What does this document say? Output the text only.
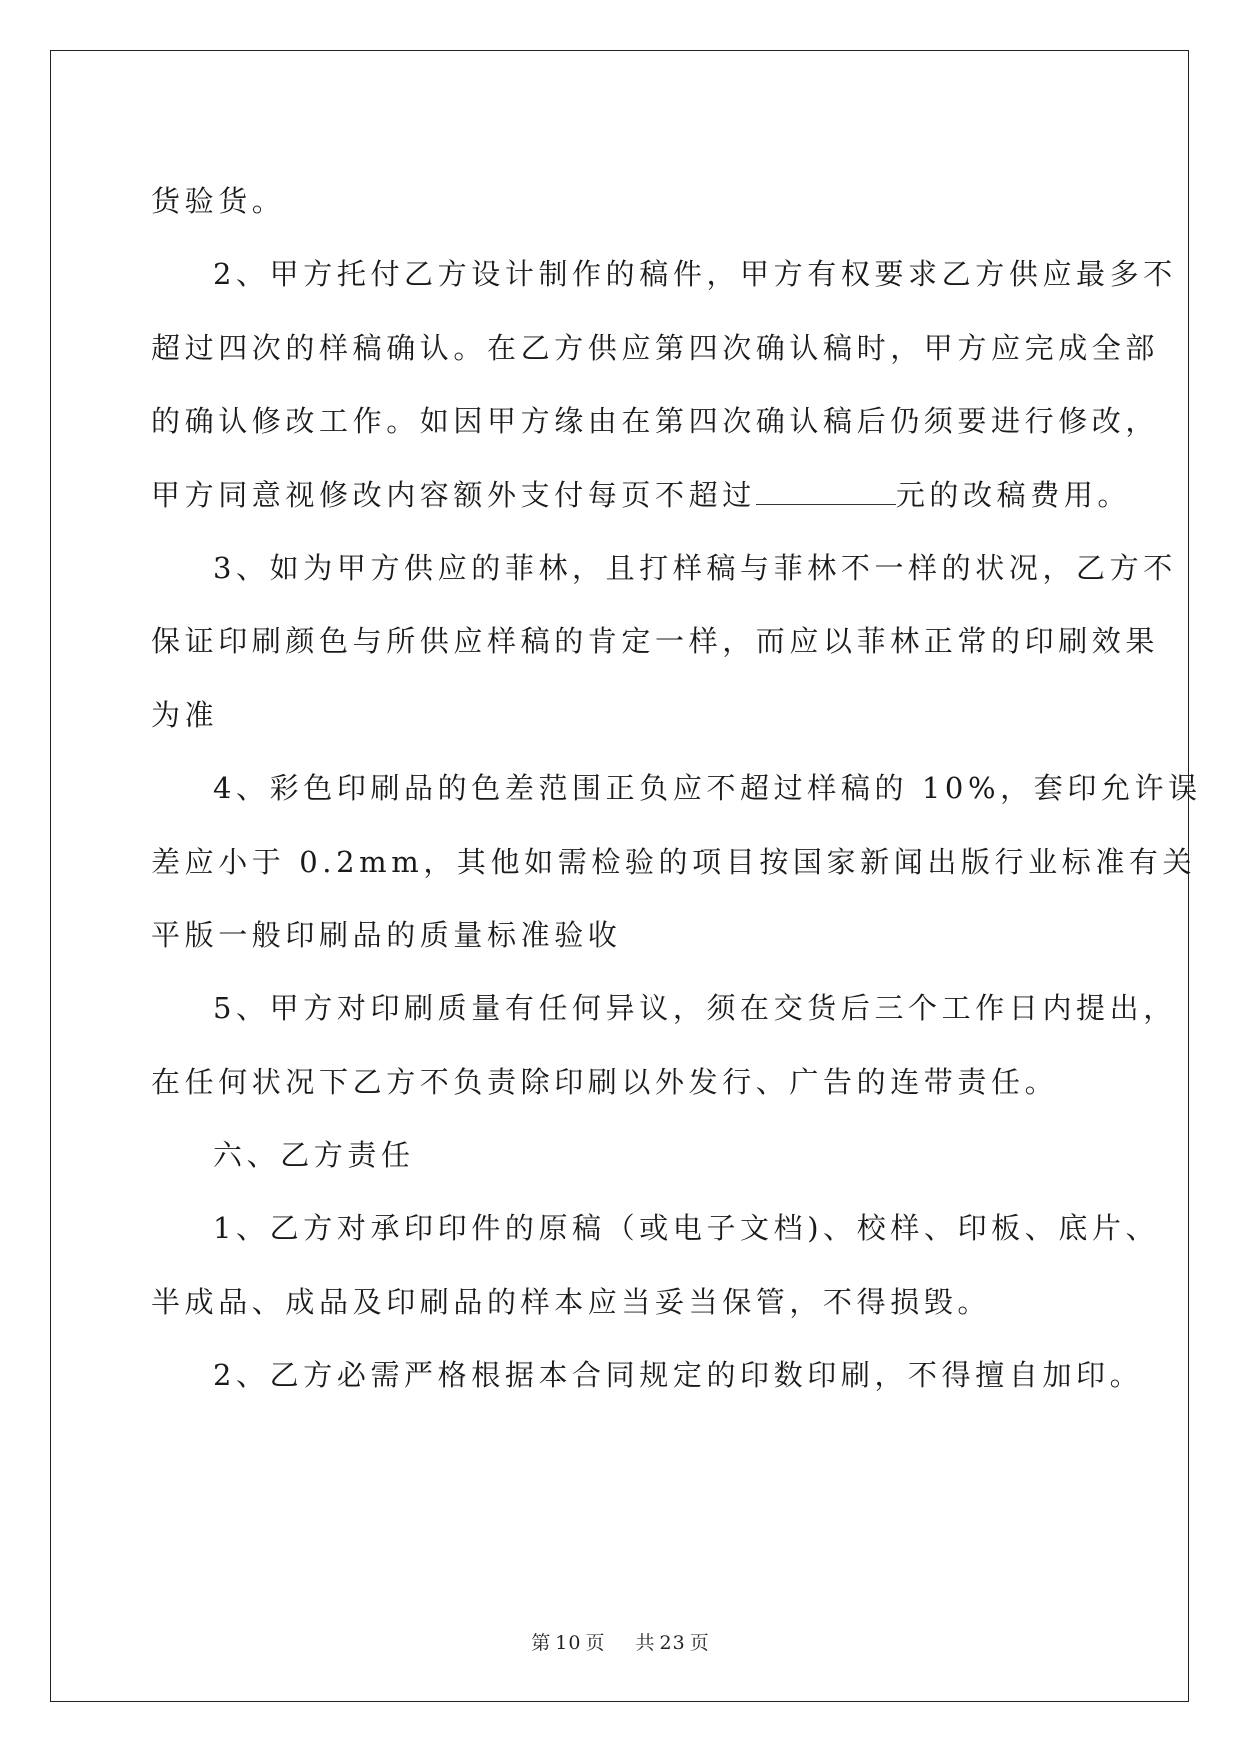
货验货。
2、甲方托付乙方设计制作的稿件，甲方有权要求乙方供应最多不
超过四次的样稿确认。在乙方供应第四次确认稿时，甲方应完成全部
的确认修改工作。如因甲方缘由在第四次确认稿后仍须要进行修改，
甲方同意视修改内容额外支付每页不超过	元的改稿费用。
3、如为甲方供应的菲林，且打样稿与菲林不一样的状况，乙方不
保证印刷颜色与所供应样稿的肯定一样，而应以菲林正常的印刷效果
为准
4、彩色印刷品的色差范围正负应不超过样稿的 10%，套印允许误
差应小于 0.2mm，其他如需检验的项目按国家新闻出版行业标准有关
平版一般印刷品的质量标准验收
5、甲方对印刷质量有任何异议，须在交货后三个工作日内提出，
在任何状况下乙方不负责除印刷以外发行、广告的连带责任。
六、乙方责任
1、乙方对承印印件的原稿（或电子文档)、校样、印板、底片、
半成品、成品及印刷品的样本应当妥当保管，不得损毁。
2、乙方必需严格根据本合同规定的印数印刷，不得擅自加印。
第 10 页 共 23 页
